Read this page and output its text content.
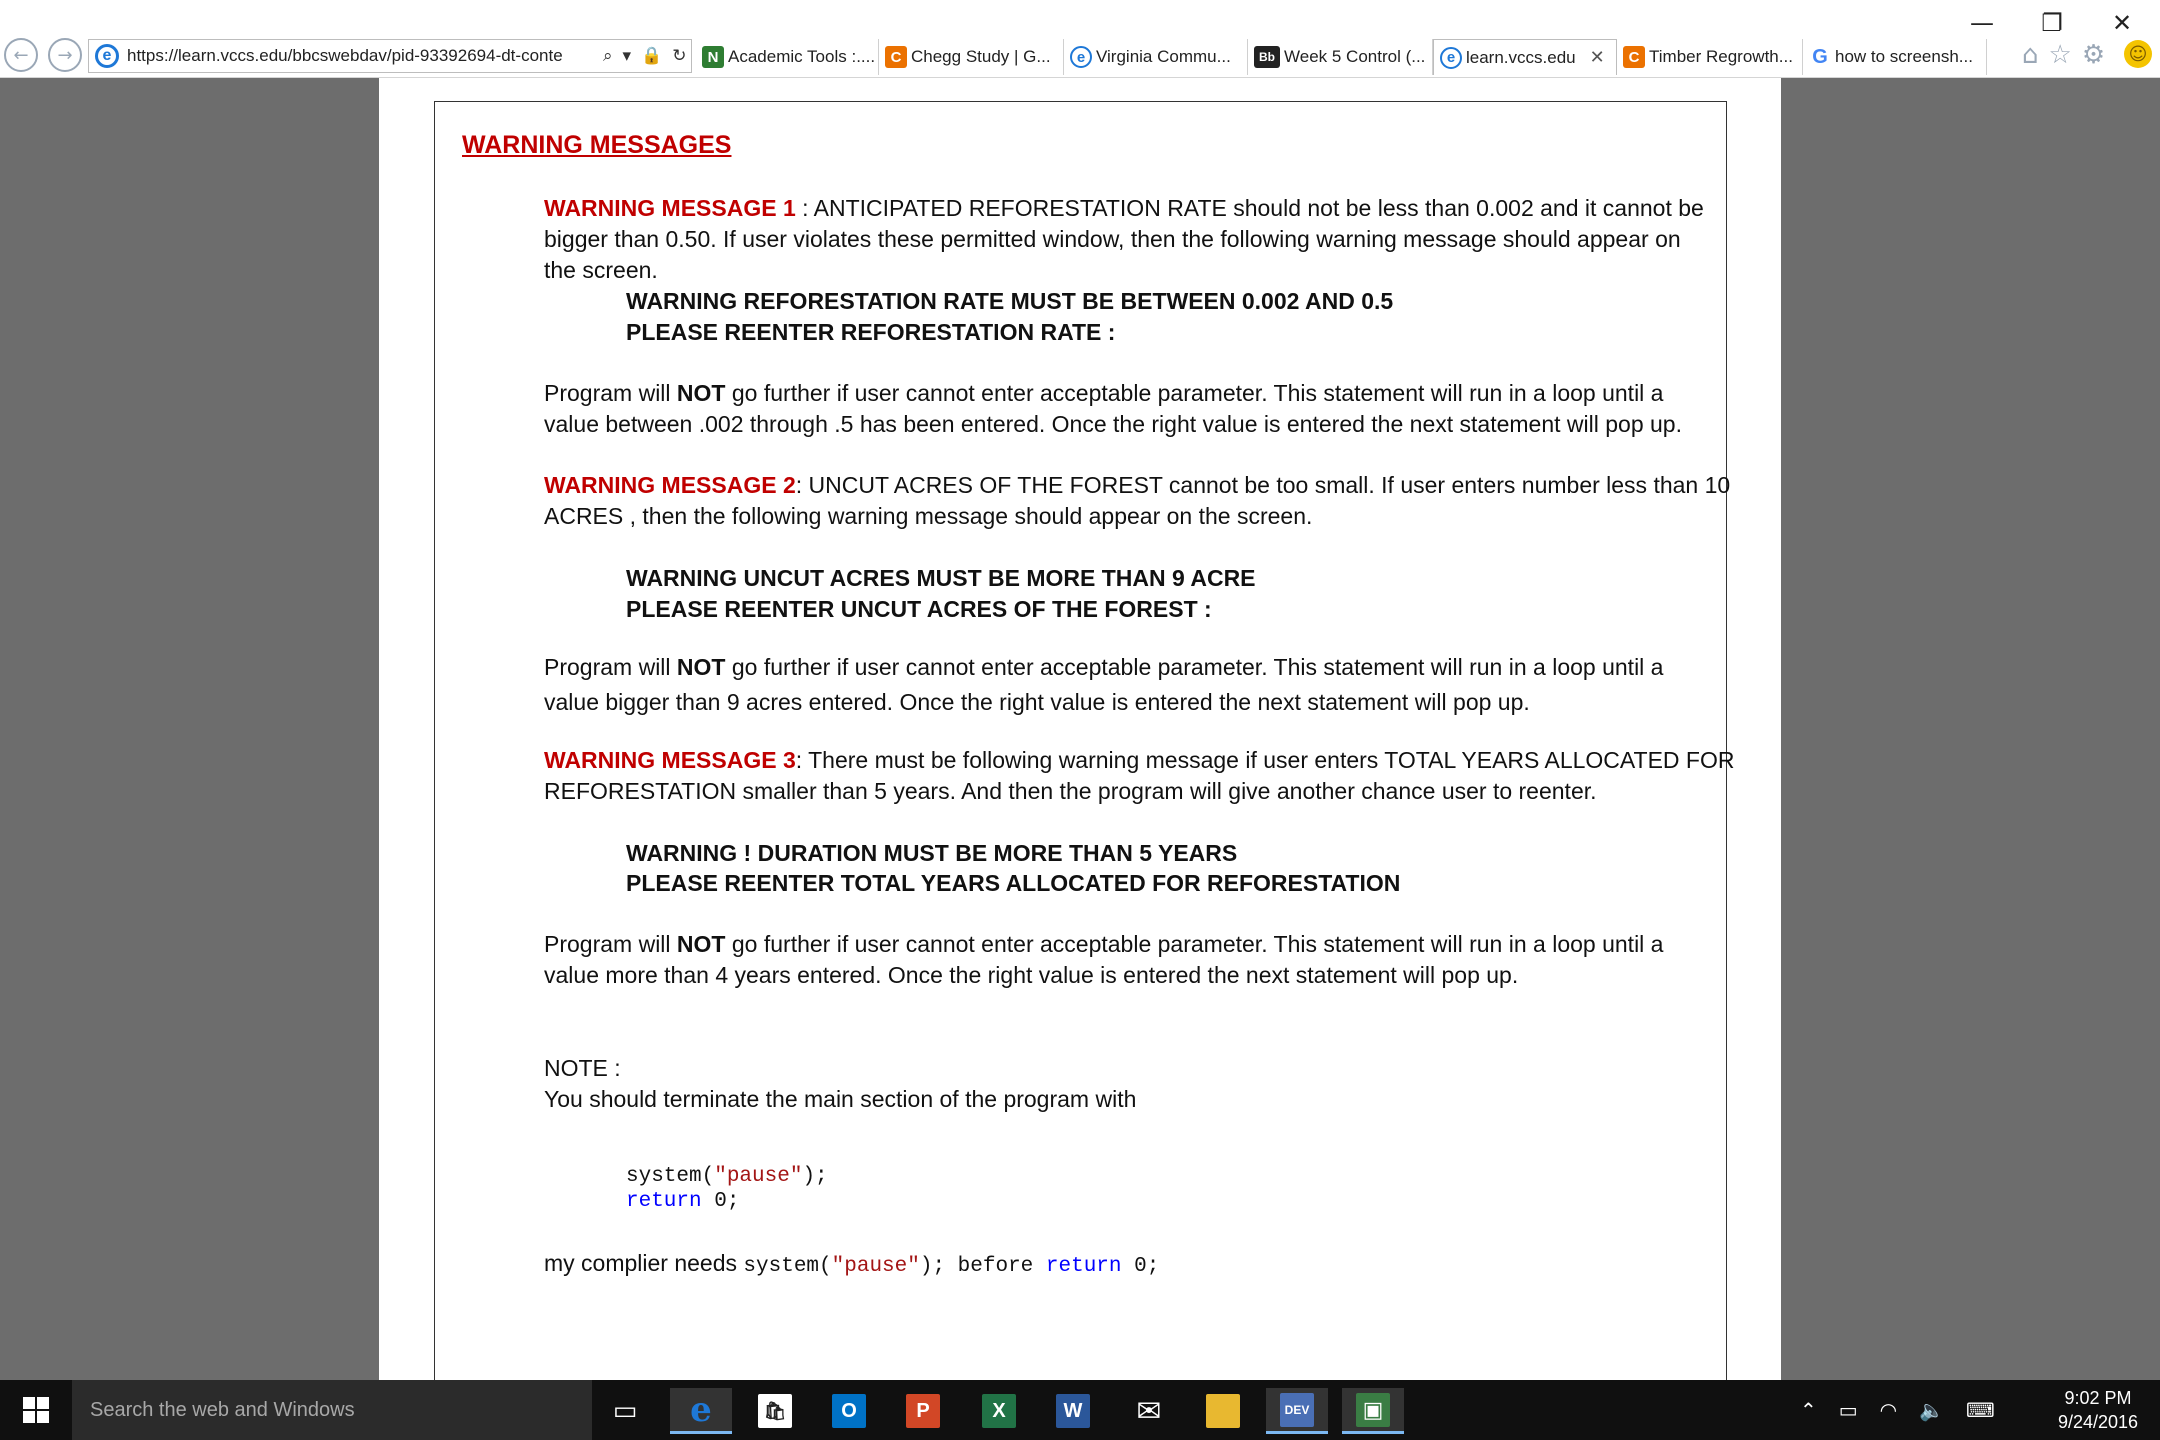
—	❐	✕
← →	e https://learn.vccs.edu/bbcswebdav/pid-93392694-dt-conte	⌕ ▾ 🔒 ↻	N Academic Tools :....	C Chegg Study | G...	e Virginia Commu...	Bb Week 5 Control (...	e learn.vccs.edu ✕	C Timber Regrowth... G how to screensh... ⌂ ☆ ⚙ ☺
WARNING MESSAGES
WARNING MESSAGE 1 : ANTICIPATED REFORESTATION RATE should not be less than 0.002 and it cannot be
bigger than 0.50. If user violates these permitted window, then the following warning message should appear on
the screen.
WARNING REFORESTATION RATE MUST BE BETWEEN 0.002 AND 0.5
PLEASE REENTER REFORESTATION RATE :
Program will NOT go further if user cannot enter acceptable parameter. This statement will run in a loop until a
value between .002 through .5 has been entered. Once the right value is entered the next statement will pop up.
WARNING MESSAGE 2: UNCUT ACRES OF THE FOREST cannot be too small. If user enters number less than 10
ACRES , then the following warning message should appear on the screen.
WARNING UNCUT ACRES MUST BE MORE THAN 9 ACRE
PLEASE REENTER UNCUT ACRES OF THE FOREST :
Program will NOT go further if user cannot enter acceptable parameter. This statement will run in a loop until a
value bigger than 9 acres entered. Once the right value is entered the next statement will pop up.
WARNING MESSAGE 3: There must be following warning message if user enters TOTAL YEARS ALLOCATED FOR
REFORESTATION smaller than 5 years. And then the program will give another chance user to reenter.
WARNING ! DURATION MUST BE MORE THAN 5 YEARS
PLEASE REENTER TOTAL YEARS ALLOCATED FOR REFORESTATION
Program will NOT go further if user cannot enter acceptable parameter. This statement will run in a loop until a
value more than 4 years entered. Once the right value is entered the next statement will pop up.
NOTE :
You should terminate the main section of the program with
system("pause");
return 0;
my complier needs system("pause"); before return 0;
Search the web and Windows	▭ e	🛍	O	P	X	W ✉	▬	DEV ▣	⌃ ▭ ◠ 🔈 ⌨	9:02 PM
9/24/2016
